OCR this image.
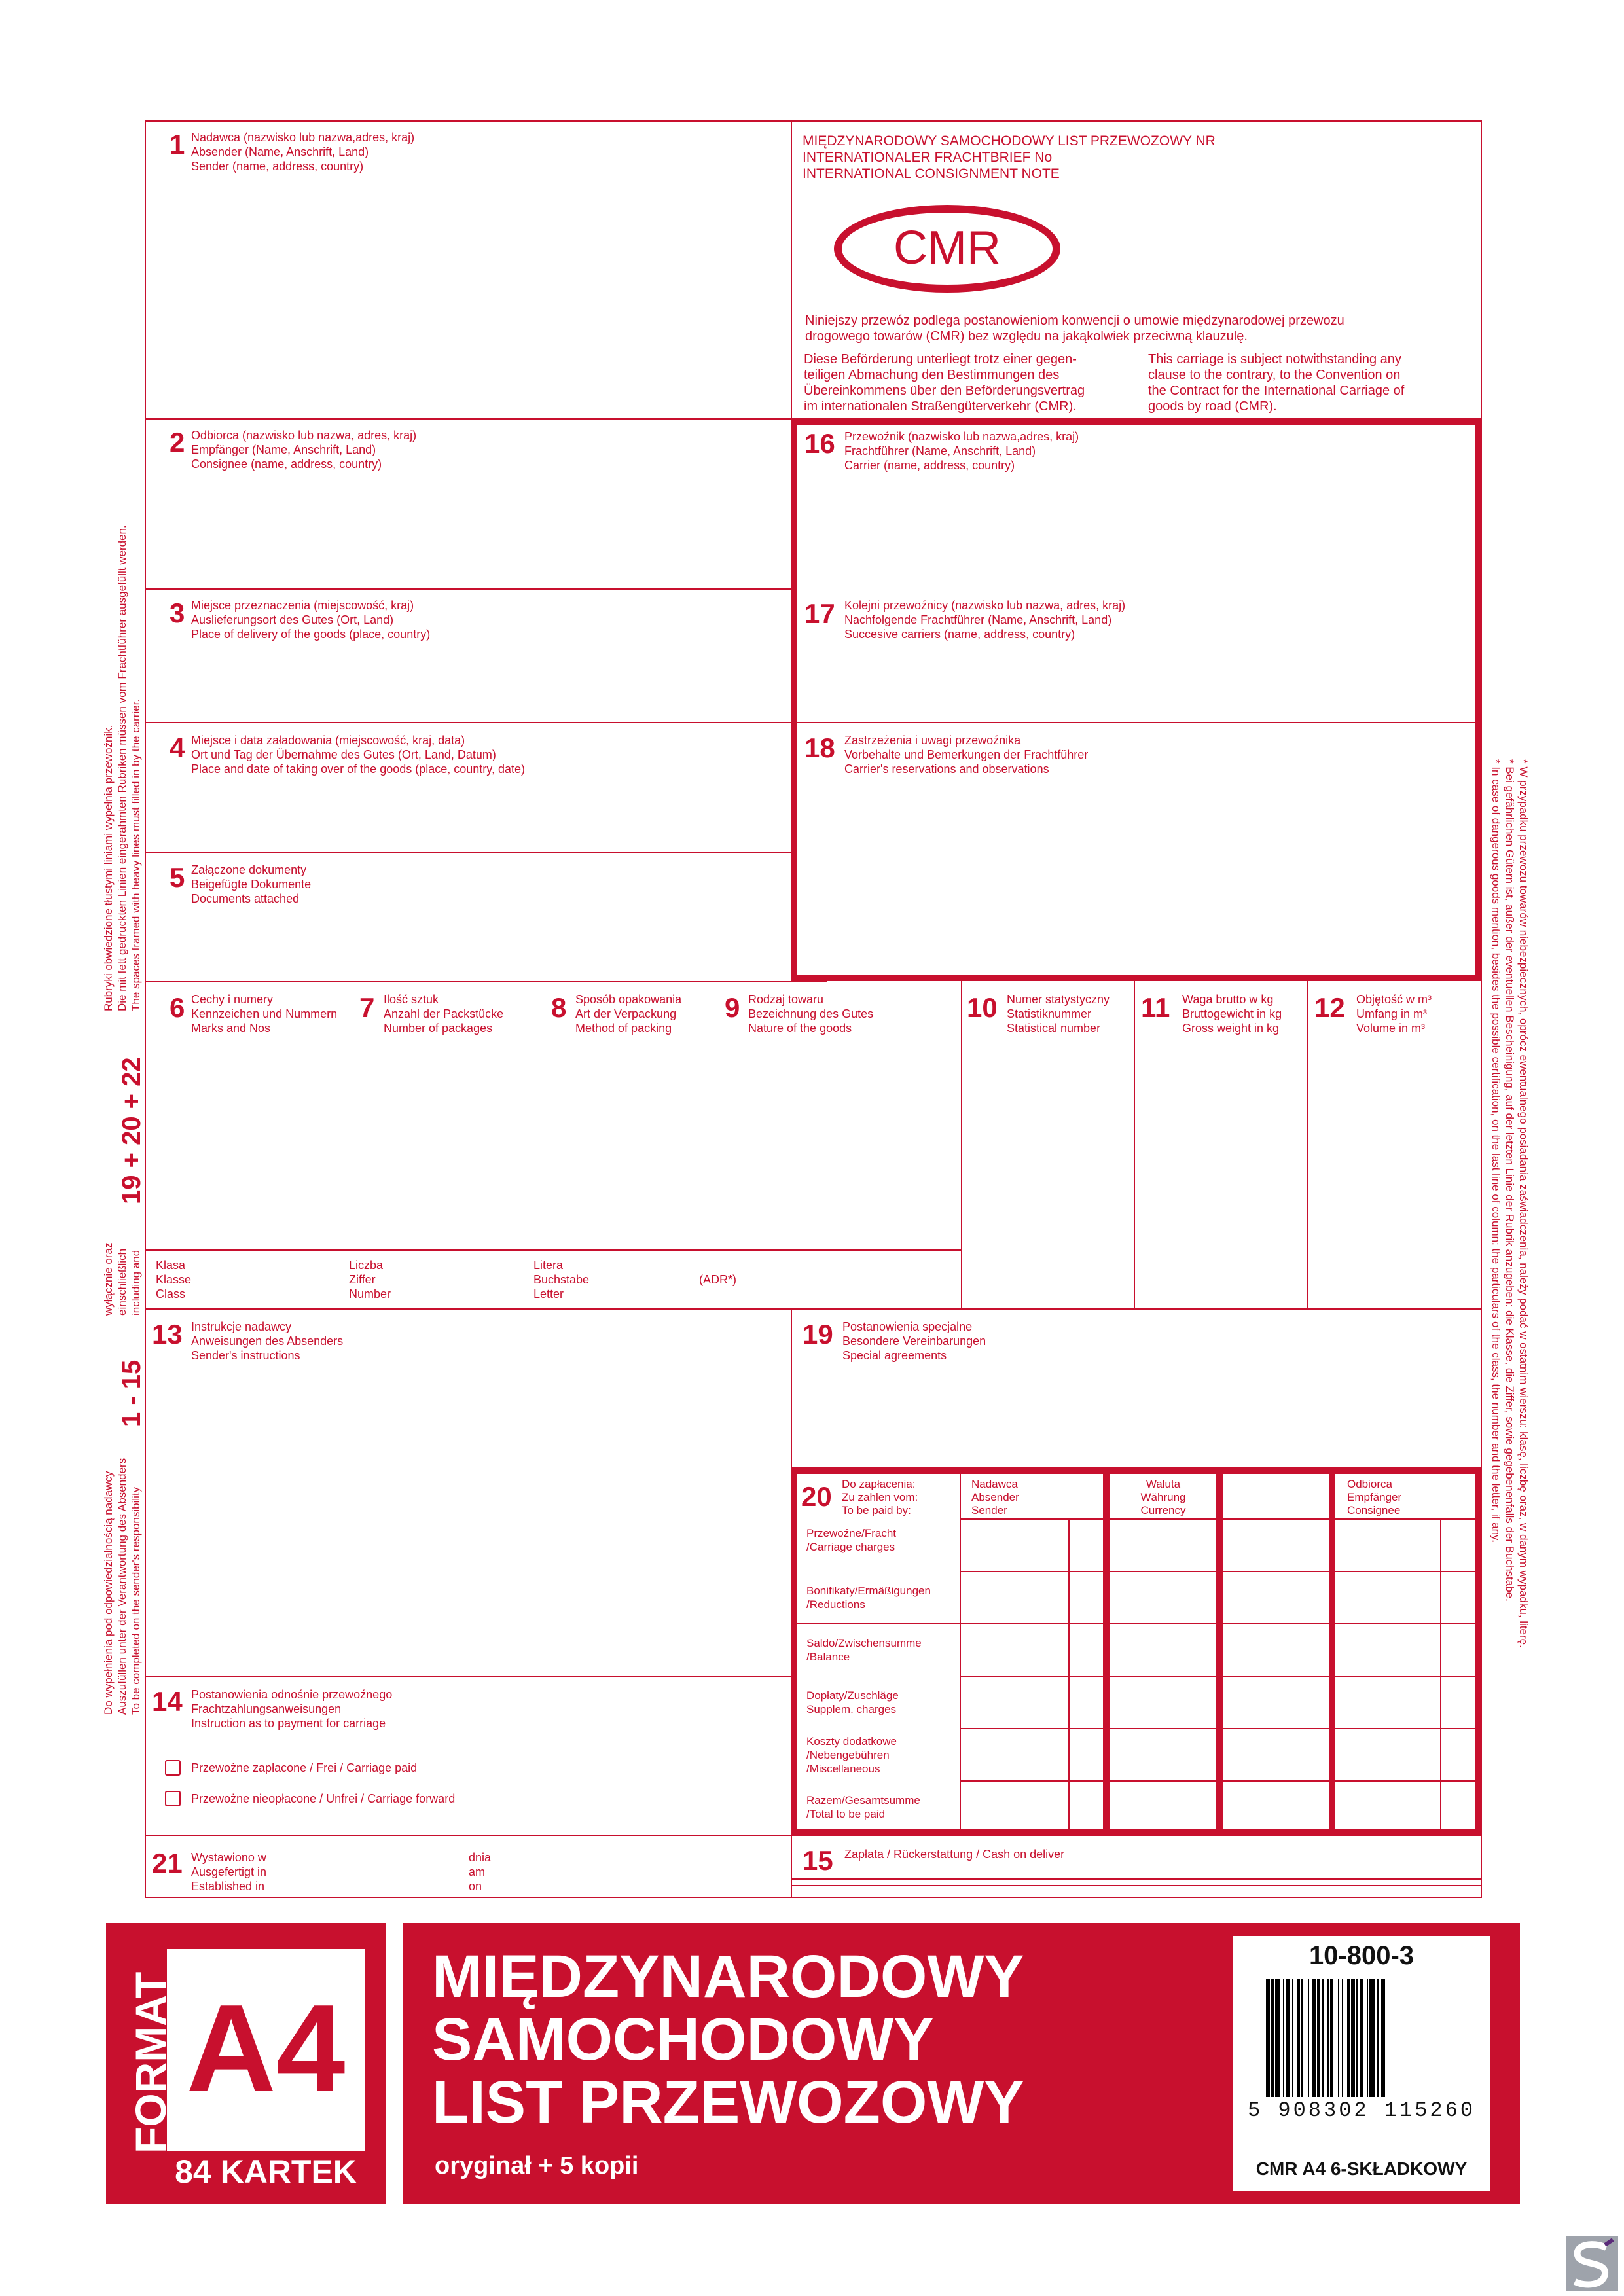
MIĘDZYNARODOWY SAMOCHODOWY LIST PRZEWOZOWY NR
INTERNATIONALER FRACHTBRIEF No
INTERNATIONAL CONSIGNMENT NOTE
CMR
Niniejszy przewóz podlega postanowieniom konwencji o umowie międzynarodowej przewozu
drogowego towarów (CMR) bez względu na jakąkolwiek przeciwną klauzulę.
Diese Beförderung unterliegt trotz einer gegen-
teiligen Abmachung den Bestimmungen des
Übereinkommens über den Beförderungsvertrag
im internationalen Straßengüterverkehr (CMR).
This carriage is subject notwithstanding any
clause to the contrary, to the Convention on
the Contract for the International Carriage of
goods by road (CMR).
1 Nadawca (nazwisko lub nazwa,adres, kraj)
Absender (Name, Anschrift, Land)
Sender (name, address, country)
2 Odbiorca (nazwisko lub nazwa, adres, kraj)
Empfänger (Name, Anschrift, Land)
Consignee (name, address, country)
3 Miejsce przeznaczenia (miejscowość, kraj)
Auslieferungsort des Gutes (Ort, Land)
Place of delivery of the goods (place, country)
4 Miejsce i data załadowania (miejscowość, kraj, data)
Ort und Tag der Übernahme des Gutes (Ort, Land, Datum)
Place and date of taking over of the goods (place, country, date)
5 Załączone dokumenty
Beigefügte Dokumente
Documents attached
6 Cechy i numery
Kennzeichen und Nummern
Marks and Nos
7 Ilość sztuk
Anzahl der Packstücke
Number of packages
8 Sposób opakowania
Art der Verpackung
Method of packing
9 Rodzaj towaru
Bezeichnung des Gutes
Nature of the goods
10 Numer statystyczny
Statistiknummer
Statistical number
11 Waga brutto w kg
Bruttogewicht in kg
Gross weight in kg
12 Objętość w m³
Umfang in m³
Volume in m³
Klasa
Klasse
Class
Liczba
Ziffer
Number
Litera
Buchstabe
Letter
(ADR*)
13 Instrukcje nadawcy
Anweisungen des Absenders
Sender's instructions
14 Postanowienia odnośnie przewoźnego
Frachtzahlungsanweisungen
Instruction as to payment for carriage
Przewożne zapłacone / Frei / Carriage paid
Przewożne nieopłacone / Unfrei / Carriage forward
21 Wystawiono w
Ausgefertigt in
Established in
dnia
am
on
15 Zapłata / Rückerstattung / Cash on deliver
16 Przewoźnik (nazwisko lub nazwa,adres, kraj)
Frachtführer (Name, Anschrift, Land)
Carrier (name, address, country)
17 Kolejni przewoźnicy (nazwisko lub nazwa, adres, kraj)
Nachfolgende Frachtführer (Name, Anschrift, Land)
Succesive carriers (name, address, country)
18 Zastrzeżenia i uwagi przewoźnika
Vorbehalte und Bemerkungen der Frachtführer
Carrier's reservations and observations
19 Postanowienia specjalne
Besondere Vereinbarungen
Special agreements
20 Do zapłacenia:
Zu zahlen vom:
To be paid by:
Nadawca
Absender
Sender
Waluta
Währung
Currency
Odbiorca
Empfänger
Consignee
Przewoźne/Fracht
/Carriage charges
Bonifikaty/Ermäßigungen
/Reductions
Saldo/Zwischensumme
/Balance
Dopłaty/Zuschläge
Supplem. charges
Koszty dodatkowe
/Nebengebühren
/Miscellaneous
Razem/Gesamtsumme
/Total to be paid
Rubryki obwiedzione tłustymi liniami wypełnia przewoźnik. Die mit fett gedruckten Linien eingerahmten Rubriken müssen vom Frachtführer ausgefüllt werden. The spaces framed with heavy lines must filled in by the carrier.
19 + 20 + 22
wyłącznie oraz einschließlich including and
1 - 15
Do wypełnienia pod odpowiedzialnością nadawcy Auszufüllen unter der Verantwortung des Absenders To be completed on the sender's responsibility	* W przypadku przewozu towarów niebezpiecznych, oprócz ewentualnego posiadania zaświadczenia, należy podać w ostatnim wierszu: klasę, liczbę oraz, w danym wypadku, literę.
* Bei gefährlichen Gütern ist, außer der eventuellen Bescheinigung, auf der letzten Linie der Rubrik anzugeben: die Klasse, die Ziffer, sowie gegebenenfalls der Buchstabe.
* In case of dangerous goods mention, besides the possible certification, on the last line of column: the particulars of the class, the number and the letter, if any.
FORMAT A4
84 KARTEK
MIĘDZYNARODOWY
SAMOCHODOWY
LIST PRZEWOZOWY
oryginał + 5 kopii
10-800-3
5 908302 115260
CMR A4 6-SKŁADKOWY
